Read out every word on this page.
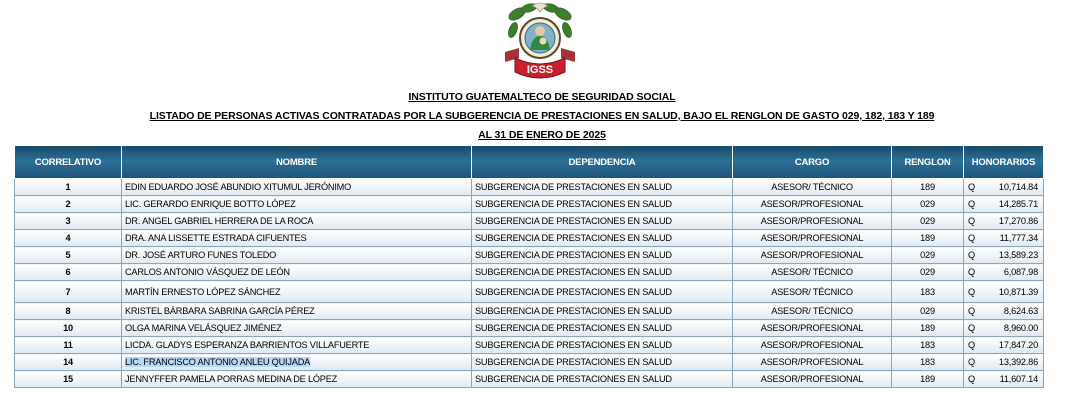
IGSS
INSTITUTO GUATEMALTECO DE SEGURIDAD SOCIAL
LISTADO DE PERSONAS ACTIVAS CONTRATADAS POR LA SUBGERENCIA DE PRESTACIONES EN SALUD, BAJO EL RENGLON DE GASTO 029, 182, 183 Y 189
AL 31 DE ENERO DE 2025
CORRELATIVO	NOMBRE	DEPENDENCIA	CARGO	RENGLON	HONORARIOS	
1	EDIN EDUARDO JOSÉ ABUNDIO XITUMUL JERÓNIMO	SUBGERENCIA DE PRESTACIONES EN SALUD	ASESOR/ TÉCNICO	189	Q	10,714.84
2	LIC. GERARDO ENRIQUE BOTTO LÓPEZ	SUBGERENCIA DE PRESTACIONES EN SALUD	ASESOR/PROFESIONAL	029	Q	14,285.71
3	DR. ANGEL GABRIEL HERRERA DE LA ROCA	SUBGERENCIA DE PRESTACIONES EN SALUD	ASESOR/PROFESIONAL	029	Q	17,270.86
4	DRA. ANA LISSETTE ESTRADA CIFUENTES	SUBGERENCIA DE PRESTACIONES EN SALUD	ASESOR/PROFESIONAL	189	Q	11,777.34
5	DR. JOSÉ ARTURO FUNES TOLEDO	SUBGERENCIA DE PRESTACIONES EN SALUD	ASESOR/PROFESIONAL	029	Q	13,589.23
6	CARLOS ANTONIO VÁSQUEZ DE LEÓN	SUBGERENCIA DE PRESTACIONES EN SALUD	ASESOR/ TÉCNICO	029	Q	6,087.98
7	MARTÍN ERNESTO LÓPEZ SÁNCHEZ	SUBGERENCIA DE PRESTACIONES EN SALUD	ASESOR/ TÉCNICO	183	Q	10,871.39
8	KRISTEL BÁRBARA SABRINA GARCÍA PÉREZ	SUBGERENCIA DE PRESTACIONES EN SALUD	ASESOR/ TÉCNICO	029	Q	8,624.63
10	OLGA MARINA VELÁSQUEZ JIMÉNEZ	SUBGERENCIA DE PRESTACIONES EN SALUD	ASESOR/PROFESIONAL	189	Q	8,960.00
11	LICDA. GLADYS ESPERANZA BARRIENTOS VILLAFUERTE	SUBGERENCIA DE PRESTACIONES EN SALUD	ASESOR/PROFESIONAL	183	Q	17,847.20
14	LIC. FRANCISCO ANTONIO ANLEU QUIJADA	SUBGERENCIA DE PRESTACIONES EN SALUD	ASESOR/PROFESIONAL	183	Q	13,392.86
15	JENNYFFER PAMELA PORRAS MEDINA DE LÓPEZ	SUBGERENCIA DE PRESTACIONES EN SALUD	ASESOR/PROFESIONAL	189	Q	11,607.14
